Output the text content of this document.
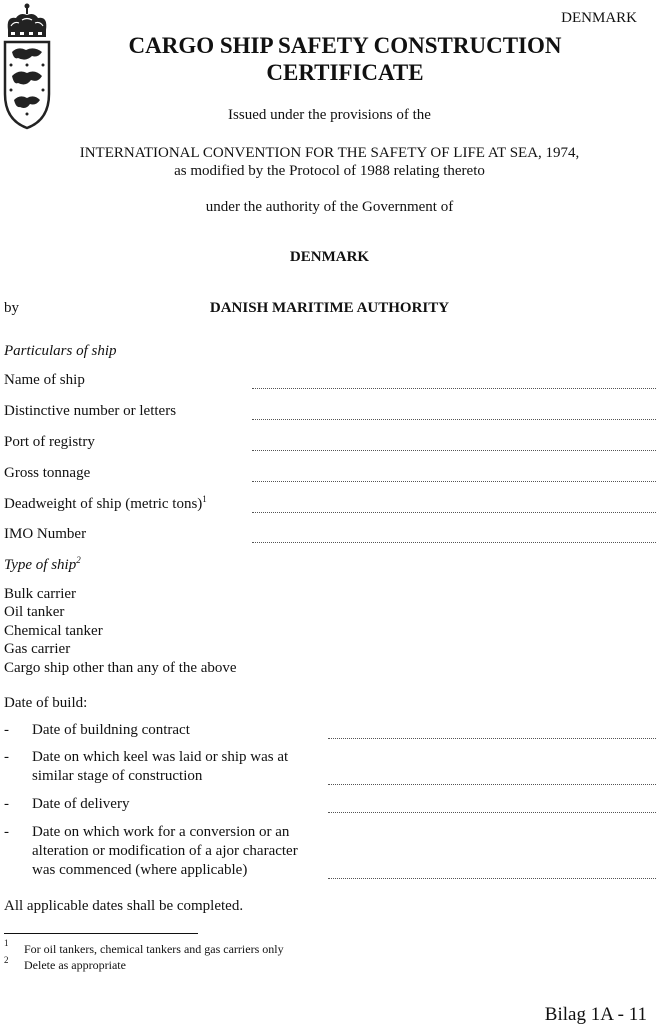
DENMARK
CARGO SHIP SAFETY CONSTRUCTION
CERTIFICATE
Issued under the provisions of the
INTERNATIONAL CONVENTION FOR THE SAFETY OF LIFE AT SEA, 1974,
as modified by the Protocol of 1988 relating thereto
under the authority of the Government of
DENMARK
by	DANISH MARITIME AUTHORITY
Particulars of ship
Name of ship
Distinctive number or letters
Port of registry
Gross tonnage
Deadweight of ship (metric tons)$^1$
IMO Number
Type of ship$^2$
Bulk carrier
Oil tanker
Chemical tanker
Gas carrier
Cargo ship other than any of the above
Date of build:
- Date of buildning contract
- Date on which keel was laid or ship was at
similar stage of construction
- Date of delivery
- Date on which work for a conversion or an
alteration or modification of a ajor character
was commenced (where applicable)
All applicable dates shall be completed.
$^1$ For oil tankers, chemical tankers and gas carriers only
$^2$ Delete as appropriate
Bilag 1A - 11
